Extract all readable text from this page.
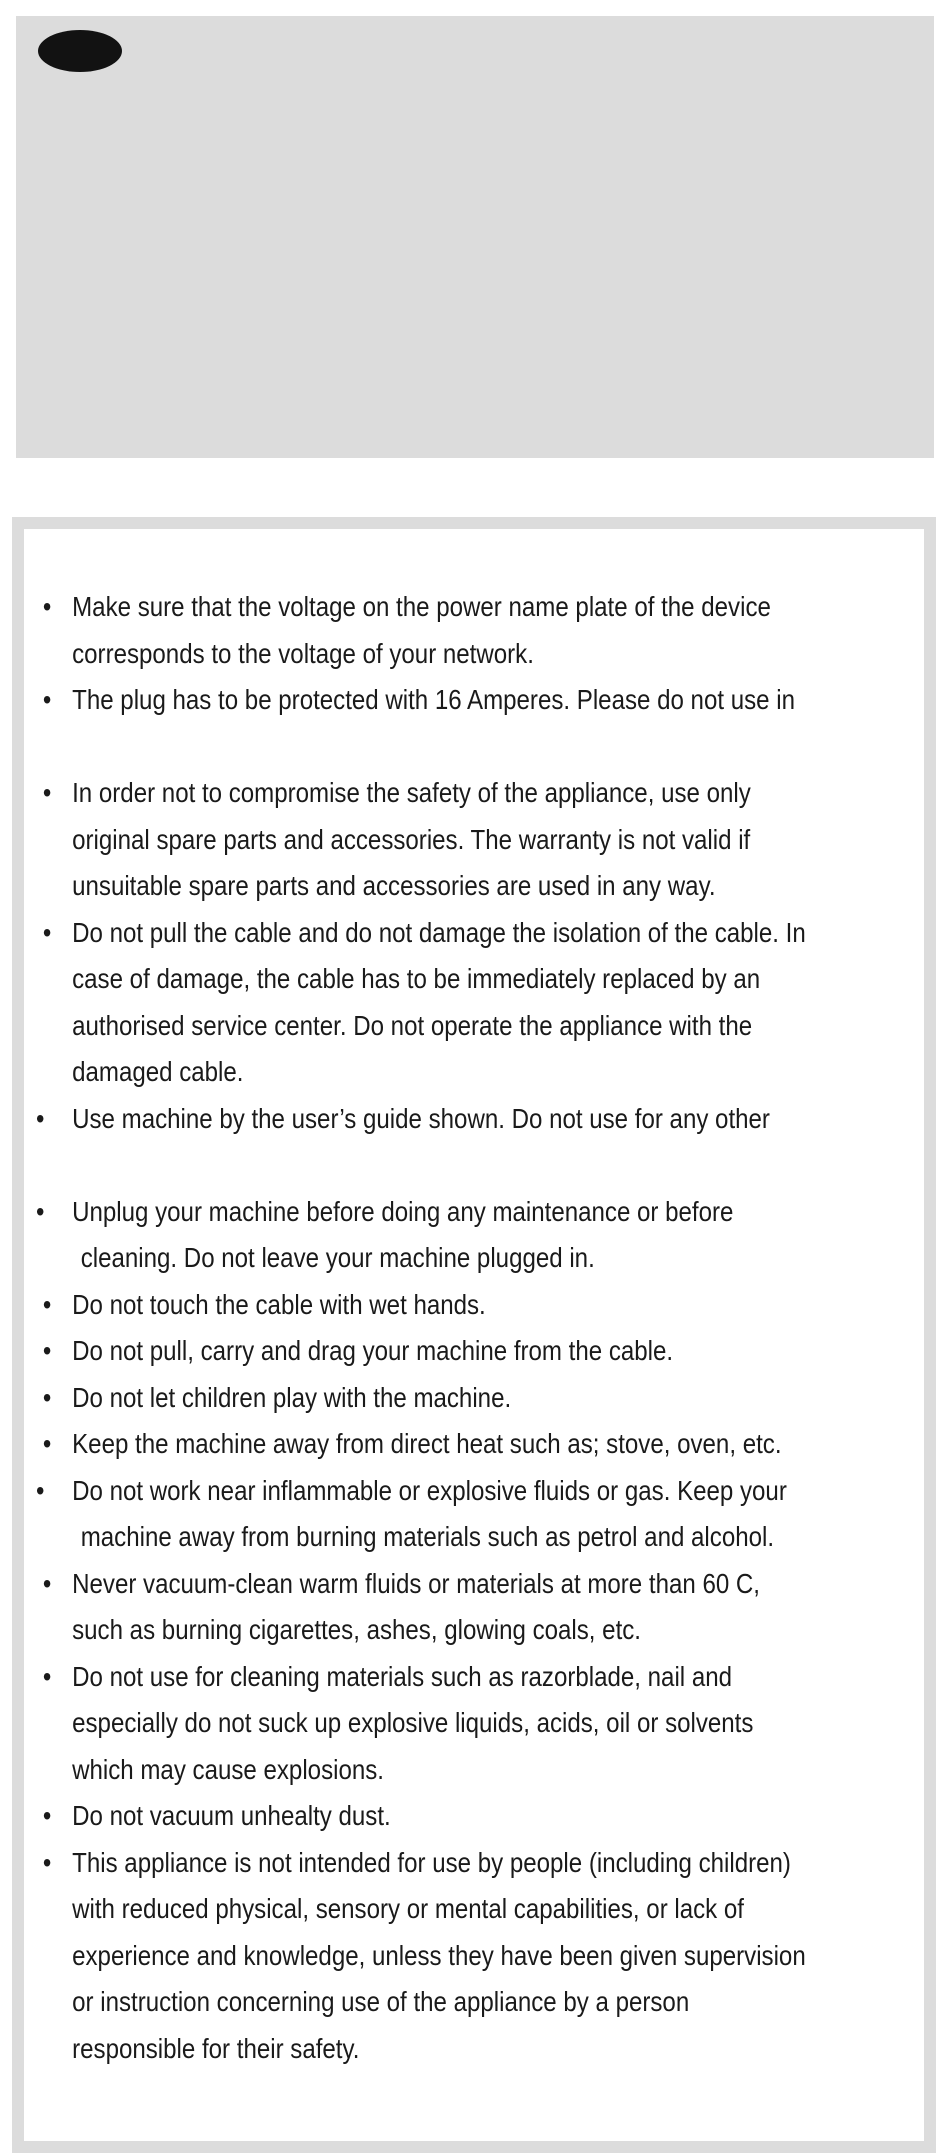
• Make sure that the voltage on the power name plate of the device
corresponds to the voltage of your network.
• The plug has to be protected with 16 Amperes. Please do not use in
• In order not to compromise the safety of the appliance, use only
original spare parts and accessories. The warranty is not valid if
unsuitable spare parts and accessories are used in any way.
• Do not pull the cable and do not damage the isolation of the cable. In
case of damage, the cable has to be immediately replaced by an
authorised service center. Do not operate the appliance with the
damaged cable.
• Use machine by the user’s guide shown. Do not use for any other
• Unplug your machine before doing any maintenance or before
cleaning. Do not leave your machine plugged in.
• Do not touch the cable with wet hands.
• Do not pull, carry and drag your machine from the cable.
• Do not let children play with the machine.
• Keep the machine away from direct heat such as; stove, oven, etc.
• Do not work near inflammable or explosive fluids or gas. Keep your
machine away from burning materials such as petrol and alcohol.
• Never vacuum-clean warm fluids or materials at more than 60 C,
such as burning cigarettes, ashes, glowing coals, etc.
• Do not use for cleaning materials such as razorblade, nail and
especially do not suck up explosive liquids, acids, oil or solvents
which may cause explosions.
• Do not vacuum unhealty dust.
• This appliance is not intended for use by people (including children)
with reduced physical, sensory or mental capabilities, or lack of
experience and knowledge, unless they have been given supervision
or instruction concerning use of the appliance by a person
responsible for their safety.
